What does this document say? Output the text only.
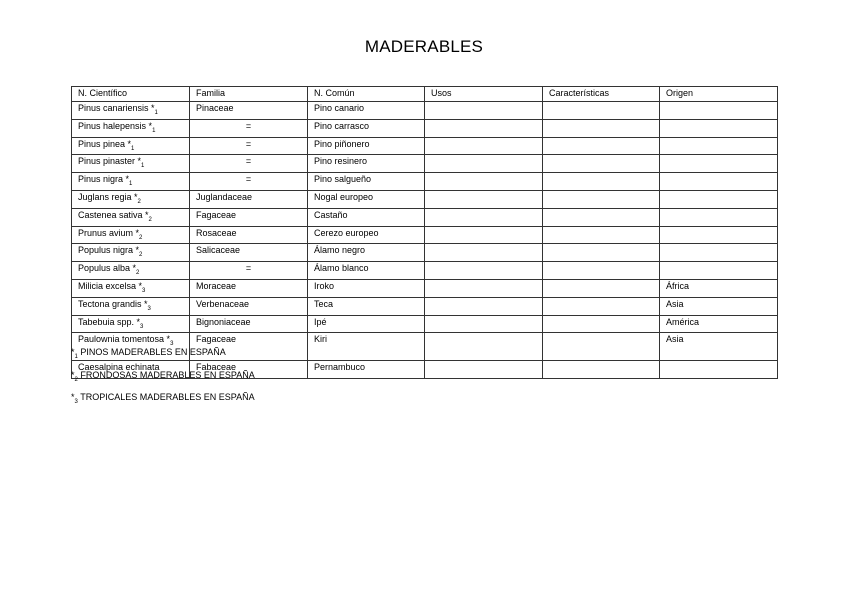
MADERABLES
N. Científico	Familia	N. Común	Usos	Características	Origen
Pinus canariensis $*_1$	Pinaceae	Pino canario			
Pinus halepensis $*_1$	=	Pino carrasco			
Pinus pinea $*_1$	=	Pino piñonero			
Pinus pinaster $*_1$	=	Pino resinero			
Pinus nigra $*_1$	=	Pino salgueño			
Juglans regia $*_2$	Juglandaceae	Nogal europeo			
Castenea sativa $*_2$	Fagaceae	Castaño			
Prunus avium $*_2$	Rosaceae	Cerezo europeo			
Populus nigra $*_2$	Salicaceae	Álamo negro			
Populus alba $*_2$	=	Álamo blanco			
Milicia excelsa $*_3$	Moraceae	Iroko			África
Tectona grandis $*_3$	Verbenaceae	Teca			Asia
Tabebuia spp. $*_3$	Bignoniaceae	Ipé			América
Paulownia tomentosa $*_3$	Fagaceae	Kiri			Asia
Caesalpina echinata	Fabaceae	Pernambuco			
$*_1$ PINOS MADERABLES EN ESPAÑA
$*_2$ FRONDOSAS MADERABLES EN ESPAÑA
$*_3$ TROPICALES MADERABLES EN ESPAÑA
